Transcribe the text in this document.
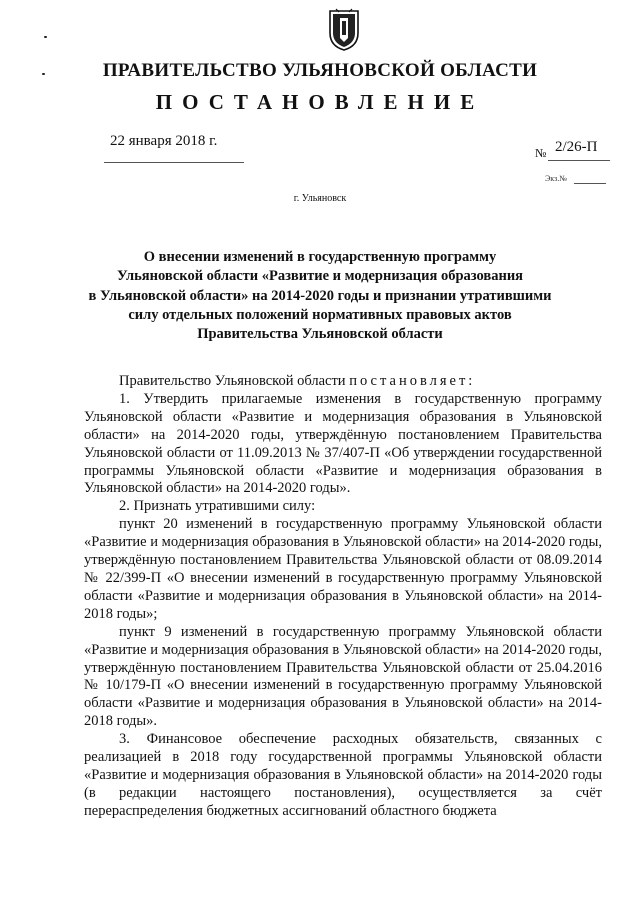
ПРАВИТЕЛЬСТВО УЛЬЯНОВСКОЙ ОБЛАСТИ
ПОСТАНОВЛЕНИЕ
22 января 2018 г.
№ 2/26-П
Экз.№
г. Ульяновск
О внесении изменений в государственную программу
Ульяновской области «Развитие и модернизация образования
в Ульяновской области» на 2014-2020 годы и признании утратившими
силу отдельных положений нормативных правовых актов
Правительства Ульяновской области

Правительство Ульяновской области постановляет:

1. Утвердить прилагаемые изменения в государственную программу Ульяновской области «Развитие и модернизация образования в Ульяновской области» на 2014-2020 годы, утверждённую постановлением Правительства Ульяновской области от 11.09.2013 № 37/407-П «Об утверждении государственной программы Ульяновской области «Развитие и модернизация образования в Ульяновской области» на 2014-2020 годы».

2. Признать утратившими силу:

пункт 20 изменений в государственную программу Ульяновской области «Развитие и модернизация образования в Ульяновской области» на 2014-2020 годы, утверждённую постановлением Правительства Ульяновской области от 08.09.2014 № 22/399-П «О внесении изменений в государственную программу Ульяновской области «Развитие и модернизация образования в Ульяновской области» на 2014-2018 годы»;

пункт 9 изменений в государственную программу Ульяновской области «Развитие и модернизация образования в Ульяновской области» на 2014-2020 годы, утверждённую постановлением Правительства Ульяновской области от 25.04.2016 № 10/179-П «О внесении изменений в государственную программу Ульяновской области «Развитие и модернизация образования в Ульяновской области» на 2014-2018 годы».

3. Финансовое обеспечение расходных обязательств, связанных с реализацией в 2018 году государственной программы Ульяновской области «Развитие и модернизация образования в Ульяновской области» на 2014-2020 годы (в редакции настоящего постановления), осуществляется за счёт перераспределения бюджетных ассигнований областного бюджета
